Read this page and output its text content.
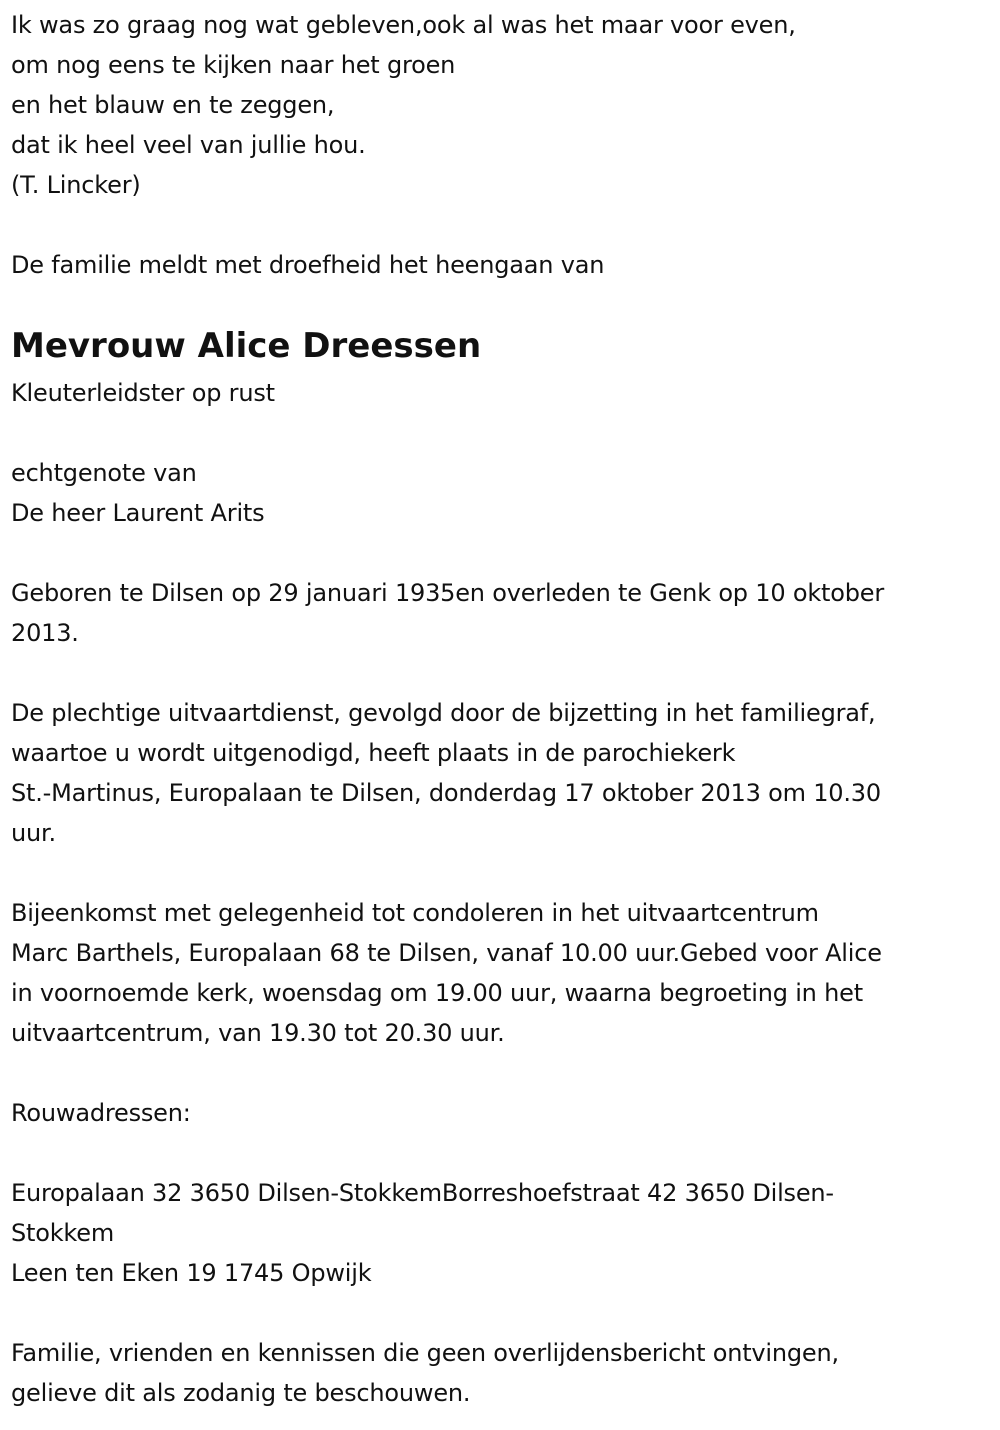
Ik was zo graag nog wat gebleven,ook al was het maar voor even,
om nog eens te kijken naar het groen
en het blauw en te zeggen,
dat ik heel veel van jullie hou.
(T. Lincker)
De familie meldt met droefheid het heengaan van
Mevrouw Alice Dreessen
Kleuterleidster op rust
echtgenote van
De heer Laurent Arits
Geboren te Dilsen op 29 januari 1935en overleden te Genk op 10 oktober
2013.
De plechtige uitvaartdienst, gevolgd door de bijzetting in het familiegraf,
waartoe u wordt uitgenodigd, heeft plaats in de parochiekerk
St.-Martinus, Europalaan te Dilsen, donderdag 17 oktober 2013 om 10.30
uur.
Bijeenkomst met gelegenheid tot condoleren in het uitvaartcentrum
Marc Barthels, Europalaan 68 te Dilsen, vanaf 10.00 uur.Gebed voor Alice
in voornoemde kerk, woensdag om 19.00 uur, waarna begroeting in het
uitvaartcentrum, van 19.30 tot 20.30 uur.
Rouwadressen:
Europalaan 32 3650 Dilsen-StokkemBorreshoefstraat 42 3650 Dilsen-
Stokkem
Leen ten Eken 19 1745 Opwijk
Familie, vrienden en kennissen die geen overlijdensbericht ontvingen,
gelieve dit als zodanig te beschouwen.
